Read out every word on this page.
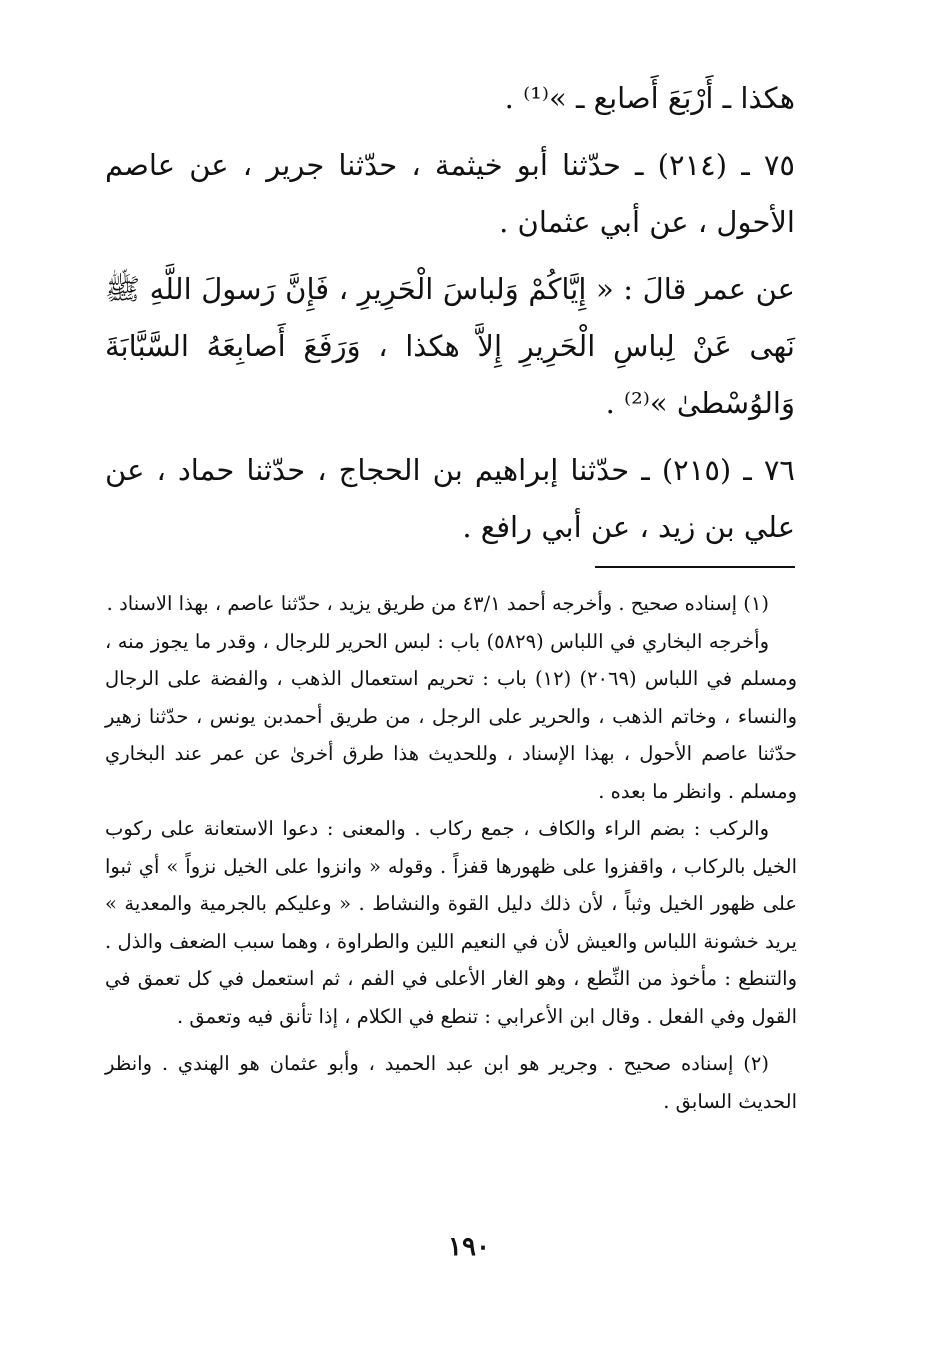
هكذا ـ أَرْبَعَ أَصابع ـ »⁽¹⁾ .

٧٥ ـ (٢١٤) ـ حدّثنا أبو خيثمة ، حدّثنا جرير ، عن عاصم الأحول ، عن أبي عثمان .

عن عمر قالَ : « إِيَّاكُمْ وَلباسَ الْحَرِيرِ ، فَإِنَّ رَسولَ اللَّهِ ﷺ نَهى عَنْ لِباسِ الْحَرِيرِ إِلاَّ هكذا ، وَرَفَعَ أَصابِعَهُ السَّبَّابَةَ وَالوُسْطىٰ »⁽²⁾ .

٧٦ ـ (٢١٥) ـ حدّثنا إبراهيم بن الحجاج ، حدّثنا حماد ، عن علي بن زيد ، عن أبي رافع .

(١) إسناده صحيح . وأخرجه أحمد ٤٣/١ من طريق يزيد ، حدّثنا عاصم ، بهذا الاسناد .

وأخرجه البخاري في اللباس (٥٨٢٩) باب : لبس الحرير للرجال ، وقدر ما يجوز منه ، ومسلم في اللباس (٢٠٦٩) (١٢) باب : تحريم استعمال الذهب ، والفضة على الرجال والنساء ، وخاتم الذهب ، والحرير على الرجل ، من طريق أحمدبن يونس ، حدّثنا زهير حدّثنا عاصم الأحول ، بهذا الإسناد ، وللحديث هذا طرق أخرىٰ عن عمر عند البخاري ومسلم . وانظر ما بعده .

والركب : بضم الراء والكاف ، جمع ركاب . والمعنى : دعوا الاستعانة على ركوب الخيل بالركاب ، واقفزوا على ظهورها قفزاً . وقوله « وانزوا على الخيل نزواً » أي ثبوا على ظهور الخيل وثباً ، لأن ذلك دليل القوة والنشاط . « وعليكم بالجرمية والمعدية » يريد خشونة اللباس والعيش لأن في النعيم اللين والطراوة ، وهما سبب الضعف والذل . والتنطع : مأخوذ من النِّطع ، وهو الغار الأعلى في الفم ، ثم استعمل في كل تعمق في القول وفي الفعل . وقال ابن الأعرابي : تنطع في الكلام ، إذا تأنق فيه وتعمق .

(٢) إسناده صحيح . وجرير هو ابن عبد الحميد ، وأبو عثمان هو الهندي . وانظر الحديث السابق .

١٩٠
